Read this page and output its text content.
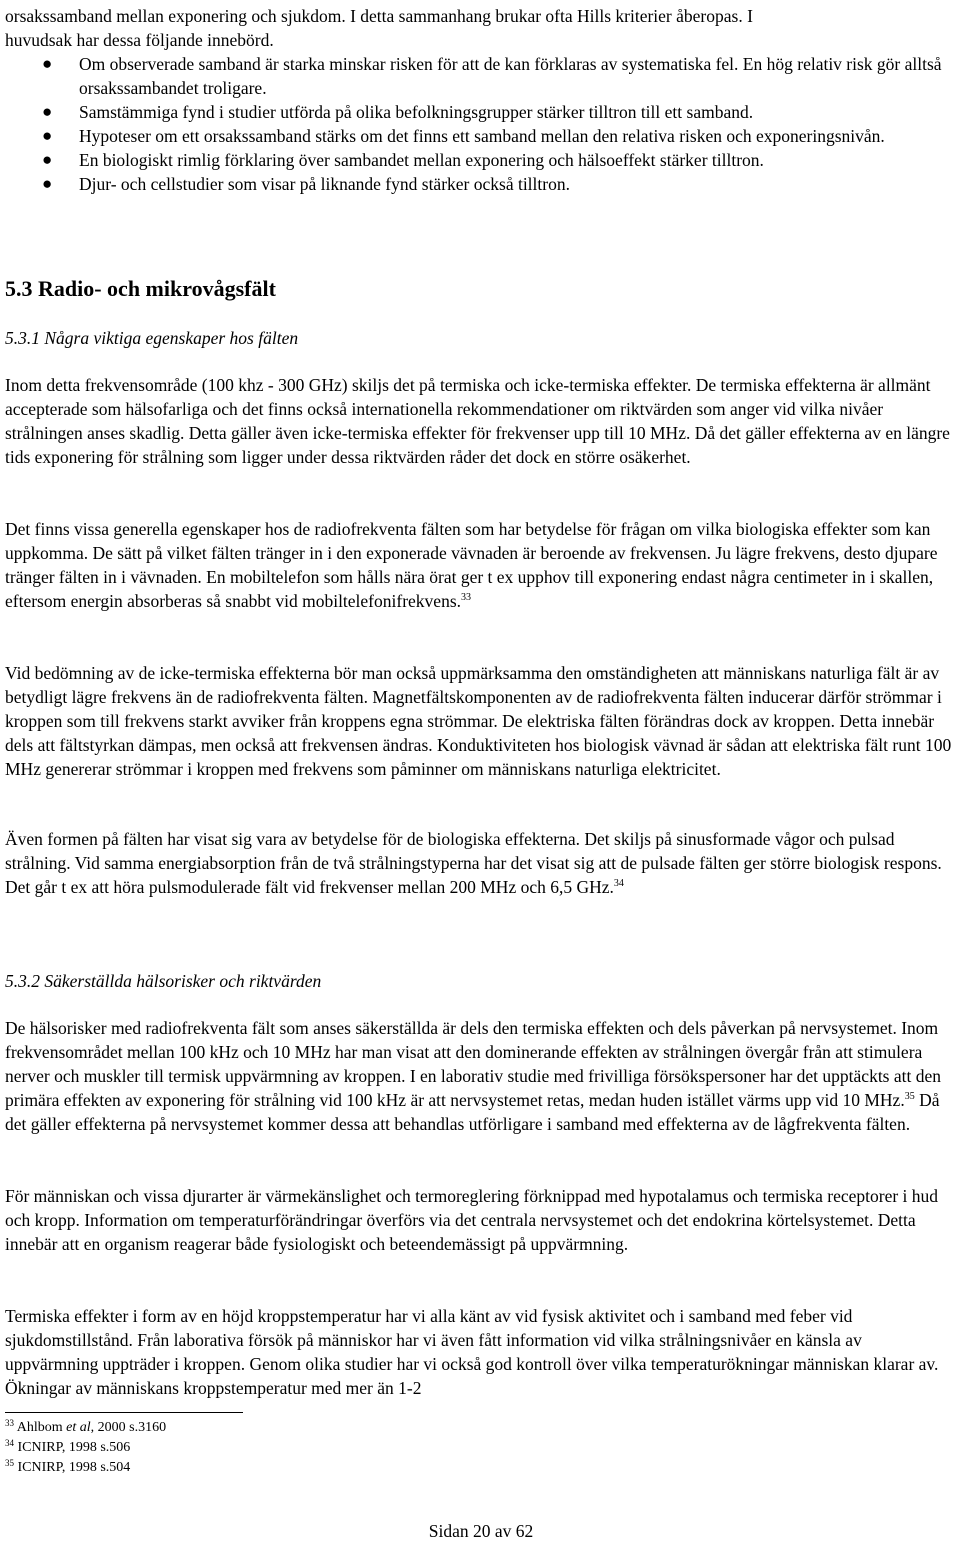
orsakssamband mellan exponering och sjukdom. I detta sammanhang brukar ofta Hills kriterier åberopas. I
huvudsak har dessa följande innebörd.
● Om observerade samband är starka minskar risken för att de kan förklaras av systematiska fel. En hög relativ risk gör alltså orsakssambandet troligare.
● Samstämmiga fynd i studier utförda på olika befolkningsgrupper stärker tilltron till ett samband.
● Hypoteser om ett orsakssamband stärks om det finns ett samband mellan den relativa risken och exponeringsnivån.
● En biologiskt rimlig förklaring över sambandet mellan exponering och hälsoeffekt stärker tilltron.
● Djur- och cellstudier som visar på liknande fynd stärker också tilltron.
5.3 Radio- och mikrovågsfält
5.3.1 Några viktiga egenskaper hos fälten
Inom detta frekvensområde (100 khz - 300 GHz) skiljs det på termiska och icke-termiska effekter. De termiska effekterna är allmänt accepterade som hälsofarliga och det finns också internationella rekommendationer om riktvärden som anger vid vilka nivåer strålningen anses skadlig. Detta gäller även icke-termiska effekter för frekvenser upp till 10 MHz. Då det gäller effekterna av en längre tids exponering för strålning som ligger under dessa riktvärden råder det dock en större osäkerhet.
Det finns vissa generella egenskaper hos de radiofrekventa fälten som har betydelse för frågan om vilka biologiska effekter som kan uppkomma. De sätt på vilket fälten tränger in i den exponerade vävnaden är beroende av frekvensen. Ju lägre frekvens, desto djupare tränger fälten in i vävnaden. En mobiltelefon som hålls nära örat ger t ex upphov till exponering endast några centimeter in i skallen, eftersom energin absorberas så snabbt vid mobiltelefonifrekvens.$^{33}$
Vid bedömning av de icke-termiska effekterna bör man också uppmärksamma den omständigheten att människans naturliga fält är av betydligt lägre frekvens än de radiofrekventa fälten. Magnetfältskomponenten av de radiofrekventa fälten inducerar därför strömmar i kroppen som till frekvens starkt avviker från kroppens egna strömmar. De elektriska fälten förändras dock av kroppen. Detta innebär dels att fältstyrkan dämpas, men också att frekvensen ändras. Konduktiviteten hos biologisk vävnad är sådan att elektriska fält runt 100 MHz genererar strömmar i kroppen med frekvens som påminner om människans naturliga elektricitet.
Även formen på fälten har visat sig vara av betydelse för de biologiska effekterna. Det skiljs på sinusformade vågor och pulsad strålning. Vid samma energiabsorption från de två strålningstyperna har det visat sig att de pulsade fälten ger större biologisk respons. Det går t ex att höra pulsmodulerade fält vid frekvenser mellan 200 MHz och 6,5 GHz.$^{34}$
5.3.2 Säkerställda hälsorisker och riktvärden
De hälsorisker med radiofrekventa fält som anses säkerställda är dels den termiska effekten och dels påverkan på nervsystemet. Inom frekvensområdet mellan 100 kHz och 10 MHz har man visat att den dominerande effekten av strålningen övergår från att stimulera nerver och muskler till termisk uppvärmning av kroppen. I en laborativ studie med frivilliga försökspersoner har det upptäckts att den primära effekten av exponering för strålning vid 100 kHz är att nervsystemet retas, medan huden istället värms upp vid 10 MHz.$^{35}$ Då det gäller effekterna på nervsystemet kommer dessa att behandlas utförligare i samband med effekterna av de lågfrekventa fälten.
För människan och vissa djurarter är värmekänslighet och termoreglering förknippad med hypotalamus och termiska receptorer i hud och kropp. Information om temperaturförändringar överförs via det centrala nervsystemet och det endokrina körtelsystemet. Detta innebär att en organism reagerar både fysiologiskt och beteendemässigt på uppvärmning.
Termiska effekter i form av en höjd kroppstemperatur har vi alla känt av vid fysisk aktivitet och i samband med feber vid sjukdomstillstånd. Från laborativa försök på människor har vi även fått information vid vilka strålningsnivåer en känsla av uppvärmning uppträder i kroppen. Genom olika studier har vi också god kontroll över vilka temperaturökningar människan klarar av. Ökningar av människans kroppstemperatur med mer än 1-2
$^{33}$ Ahlbom et al, 2000 s.3160
$^{34}$ ICNIRP, 1998 s.506
$^{35}$ ICNIRP, 1998 s.504
Sidan 20 av 62
